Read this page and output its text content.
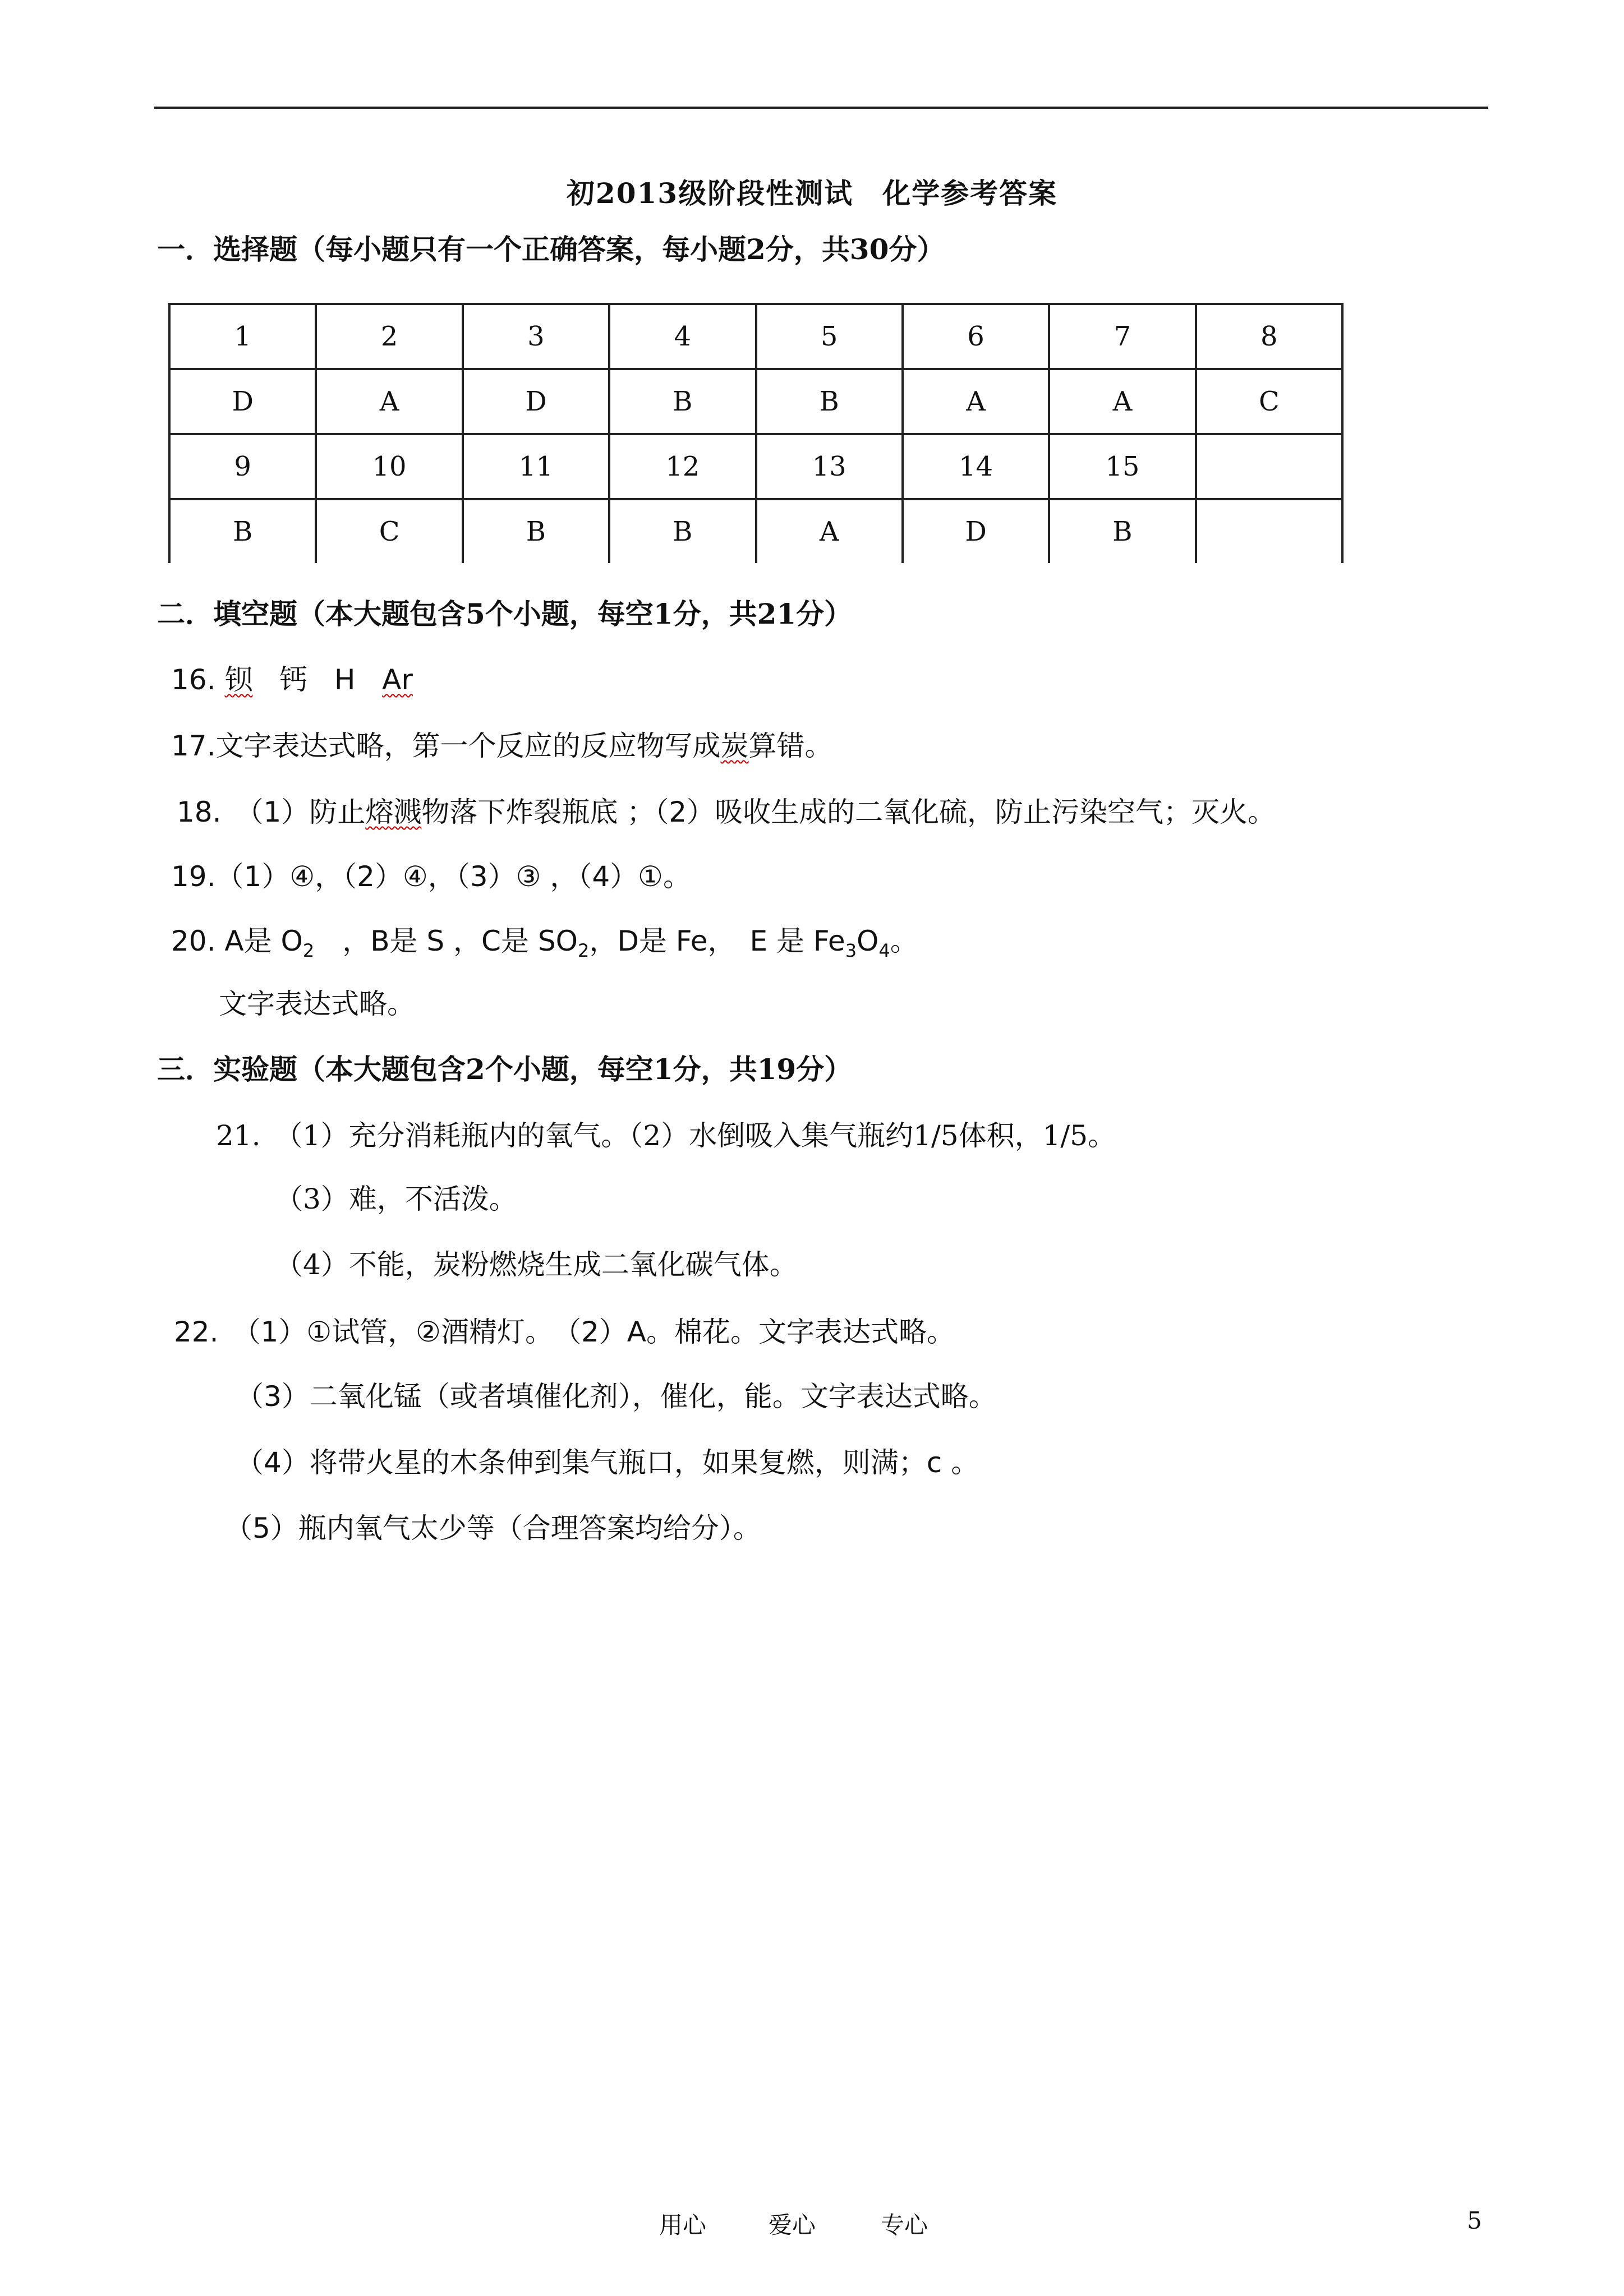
初2013级阶段性测试　化学参考答案
一．选择题（每小题只有一个正确答案，每小题2分，共30分）
1	2	3	4	5	6	7	8
D	A	D	B	B	A	A	C
9	10	11	12	13	14	15	
B	C	B	B	A	D	B	
二．填空题（本大题包含5个小题，每空1分，共21分）
16. 钡 钙 H Ar
17.文字表达式略，第一个反应的反应物写成炭算错。
18.　（1）防止熔溅物落下炸裂瓶底 ；（2）吸收生成的二氧化硫，防止污染空气；灭火。
19.（1）④，（2）④，（3）③ ，（4）①。
20. A是 $O_2$　，B是 S ，C是 $SO_2$，D是 Fe，　E 是 $Fe_3O_4$。
文字表达式略。
三．实验题（本大题包含2个小题，每空1分，共19分）
21.　（1）充分消耗瓶内的氧气。（2）水倒吸入集气瓶约1/5体积，1/5。
（3）难，不活泼。
（4）不能，炭粉燃烧生成二氧化碳气体。
22.　（1）①试管，②酒精灯。　（2）A。棉花。文字表达式略。
（3）二氧化锰（或者填催化剂），催化，能。文字表达式略。
（4）将带火星的木条伸到集气瓶口，如果复燃，则满；c 。
（5）瓶内氧气太少等（合理答案均给分）。
用心	爱心	专心	5
